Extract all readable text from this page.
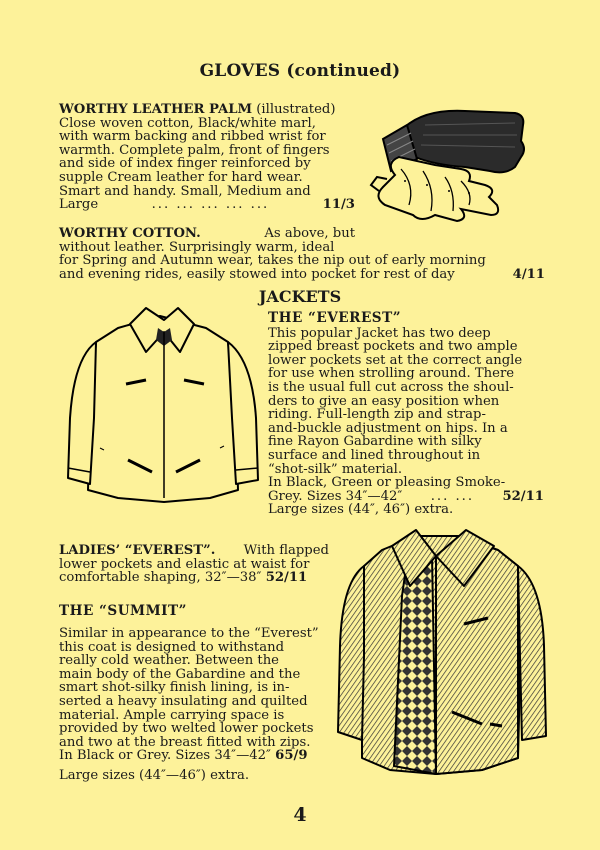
GLOVES (continued)
WORTHY LEATHER PALM (illustrated)
Close woven cotton, Black/white marl,
with warm backing and ribbed wrist for
warmth. Complete palm, front of fingers
and side of index finger reinforced by
supple Cream leather for hard wear.
Smart and handy. Small, Medium and
Large	... ... ... ... ...	11/3
WORTHY COTTON.	As above, but
without leather. Surprisingly warm, ideal
for Spring and Autumn wear, takes the nip out of early morning
and evening rides, easily stowed into pocket for rest of day	4/11
JACKETS
THE “EVEREST”
This popular Jacket has two deep
zipped breast pockets and two ample
lower pockets set at the correct angle
for use when strolling around. There
is the usual full cut across the shoul-
ders to give an easy position when
riding. Full-length zip and strap-
and-buckle adjustment on hips. In a
fine Rayon Gabardine with silky
surface and lined throughout in
“shot-silk” material.
In Black, Green or pleasing Smoke-
Grey. Sizes 34″—42″ ... ... 52/11
Large sizes (44″, 46″) extra.
LADIES’ “EVEREST”. With flapped
lower pockets and elastic at waist for
comfortable shaping, 32″—38″ 52/11
THE “SUMMIT”
Similar in appearance to the “Everest”
this coat is designed to withstand
really cold weather. Between the
main body of the Gabardine and the
smart shot-silky finish lining, is in-
serted a heavy insulating and quilted
material. Ample carrying space is
provided by two welted lower pockets
and two at the breast fitted with zips.
In Black or Grey. Sizes 34″—42″ 65/9
Large sizes (44″—46″) extra.
4
